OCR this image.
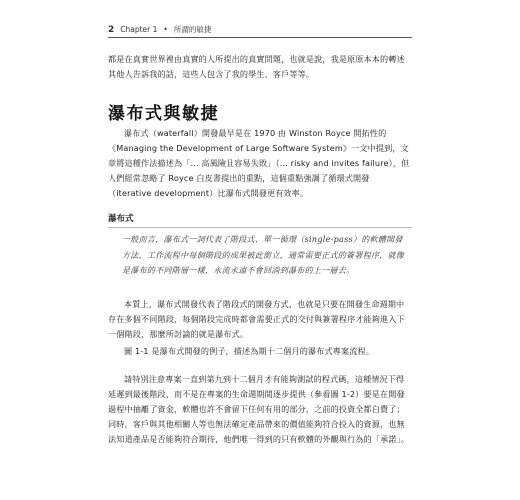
2 Chapter 1 • 所謂的敏捷

都是在真實世界裡由真實的人所提出的真實問題，也就是說，我是原原本本的轉述其他人告訴我的話，這些人包含了我的學生、客戶等等。

瀑布式與敏捷

瀑布式（waterfall）開發最早是在 1970 由 Winston Royce 開拓性的《Managing the Development of Large Software System》一文中提到，文章將這種作法描述為「... 高風險且容易失敗」（... risky and invites failure），但人們經常忽略了 Royce 白皮書提出的重點，這個重點強調了循環式開發（iterative development）比瀑布式開發更有效率。

瀑布式

一般而言，瀑布式一詞代表了階段式、單一循環（single-pass）的軟體開發方法，工作流程中每個階段的成果被此銜立，通常需要正式的簽署程序，就像是瀑布的不同階層一樣，永流永遠不會回淌到瀑布的上一層去。

本質上，瀑布式開發代表了階段式的開發方式，也就是只要在開發生命週期中存在多個不同階段，每個階段完成時都會需要正式的交付與簽署程序才能夠進入下一個階段，那麼所討論的就是瀑布式。

圖 1-1 是瀑布式開發的例子，描述為期十二個月的瀑布式專案流程。

請特別注意專案一直到第九到十二個月才有能夠測試的程式碼，這種情況下得延遲到最後階段，而不是在專案的生命週期間逐步提供（參看圖 1-2）要是在開發過程中抽離了資金，軟體也許不會留下任何有用的部分，之前的投資全都白費了；同時，客戶與其他相關人等也無法確定產品帶來的價值能夠符合投入的資源，也無法知道產品是否能夠符合期待，他們唯一得到的只有軟體的外觀與行為的「承諾」。
